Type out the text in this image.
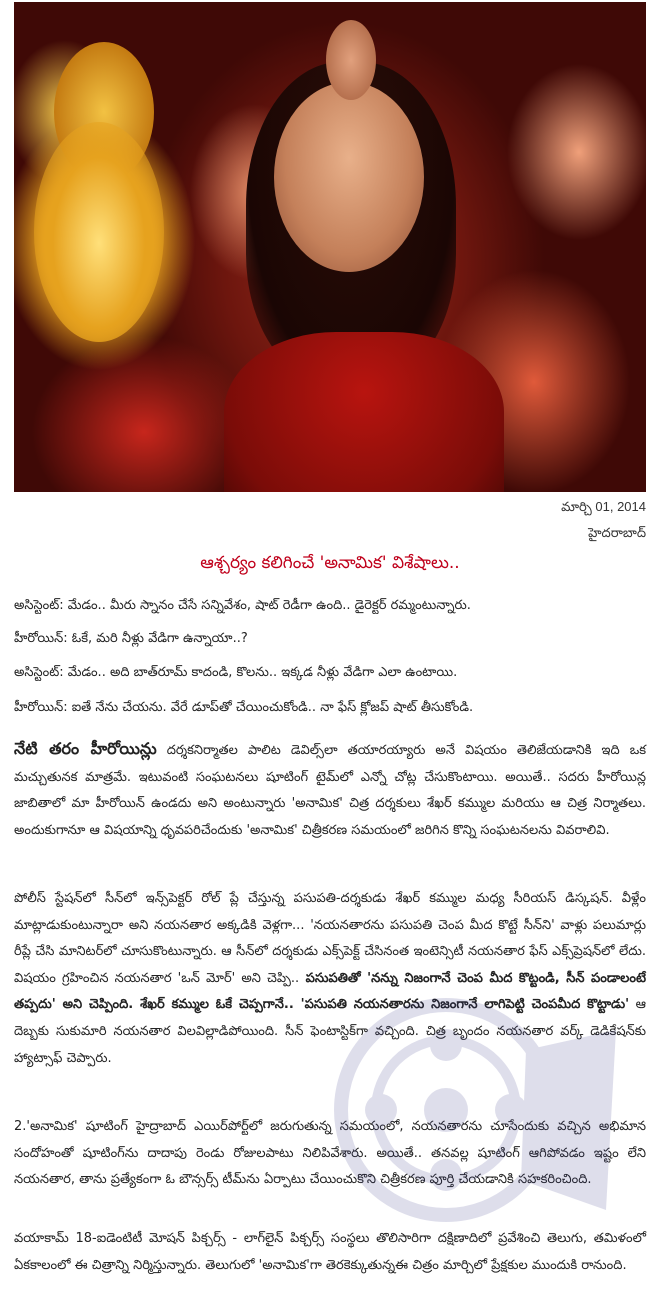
మార్చి 01, 2014
హైదరాబాద్
ఆశ్చర్యం కలిగించే 'అనామిక' విశేషాలు..
అసిస్టెంట్: మేడం.. మీరు స్నానం చేసే సన్నివేశం, షాట్ రెడీగా ఉంది.. డైరెక్టర్ రమ్మంటున్నారు.
హీరోయిన్: ఓకే, మరి నీళ్లు వేడిగా ఉన్నాయా..?
అసిస్టెంట్: మేడం.. అది బాత్‌రూమ్ కాదండి, కొలను.. ఇక్కడ నీళ్లు వేడిగా ఎలా ఉంటాయి.
హీరోయిన్: ఐతే నేను చేయను. వేరే డూప్‌తో చేయించుకోండి.. నా ఫేస్ క్లోజప్ షాట్ తీసుకోండి.
నేటి తరం హీరోయిన్లు దర్శకనిర్మాతల పాలిట డెవిల్స్‌లా తయారయ్యారు అనే విషయం తెలిజేయడానికి ఇది ఒక మచ్చుతునక మాత్రమే. ఇటువంటి సంఘటనలు షూటింగ్ టైమ్‌లో ఎన్నో చోట్ల చేసుకొంటాయి. అయితే.. సదరు హీరోయిన్ల జాబితాలో మా హీరోయిన్ ఉండదు అని అంటున్నారు 'అనామిక' చిత్ర దర్శకులు శేఖర్ కమ్ముల మరియు ఆ చిత్ర నిర్మాతలు. అందుకుగానూ ఆ విషయాన్ని ధృవపరిచేందుకు 'అనామిక' చిత్రీకరణ సమయంలో జరిగిన కొన్ని సంఘటనలను వివరాలివి.
పోలీస్ స్టేషన్‌లో సీన్‌లో ఇన్స్‌పెక్టర్ రోల్ ప్లే చేస్తున్న పసుపతి-దర్శకుడు శేఖర్ కమ్ముల మధ్య సీరియస్ డిస్కషన్. వీళ్లేం మాట్లాడుకుంటున్నారా అని నయనతార అక్కడికి వెళ్లగా... 'నయనతారను పసుపతి చెంప మీద కొట్టే సీన్‌ని' వాళ్లు పలుమార్లు రీప్లే చేసి మానిటర్‌లో చూసుకొంటున్నారు. ఆ సీన్‌లో దర్శకుడు ఎక్స్‌పెక్ట్ చేసినంత ఇంటెన్సిటీ నయనతార ఫేస్ ఎక్స్‌ప్రెషన్‌లో లేదు. విషయం గ్రహించిన నయనతార 'ఒన్ మోర్' అని చెప్పి.. పసుపతితో 'నన్ను నిజంగానే చెంప మీద కొట్టండి, సీన్ పండాలంటే తప్పదు' అని చెప్పింది. శేఖర్ కమ్ముల ఓకే చెప్పగానే.. 'పసుపతి నయనతారను నిజంగానే లాగిపెట్టి చెంపమీద కొట్టాడు' ఆ దెబ్బకు సుకుమారి నయనతార విలవిల్లాడిపోయింది. సీన్ ఫెంటాస్టిక్‌గా వచ్చింది. చిత్ర బృందం నయనతార వర్క్ డెడికేషన్‌కు హ్యాట్సాఫ్ చెప్పారు.
2.'అనామిక' షూటింగ్ హైద్రాబాద్ ఎయిర్‌పోర్ట్‌లో జరుగుతున్న సమయంలో, నయనతారను చూసేందుకు వచ్చిన అభిమాన సందోహంతో షూటింగ్‌ను దాదాపు రెండు రోజులపాటు నిలిపివేశారు. అయితే.. తనవల్ల షూటింగ్ ఆగిపోవడం ఇష్టం లేని నయనతార, తాను ప్రత్యేకంగా ఓ బౌన్సర్స్ టీమ్‌ను ఏర్పాటు చేయించుకొని చిత్రీకరణ పూర్తి చేయడానికి సహకరించింది.
వయాకామ్ 18-ఐడెంటిటీ మోషన్ పిక్చర్స్ - లాగ్‌లైన్ పిక్చర్స్ సంస్థలు తొలిసారిగా దక్షిణాదిలో ప్రవేశించి తెలుగు, తమిళంలో ఏకకాలంలో ఈ చిత్రాన్ని నిర్మిస్తున్నారు. తెలుగులో 'అనామిక'గా తెరకెక్కుతున్నఈ చిత్రం మార్చిలో ప్రేక్షకుల ముందుకి రానుంది.
